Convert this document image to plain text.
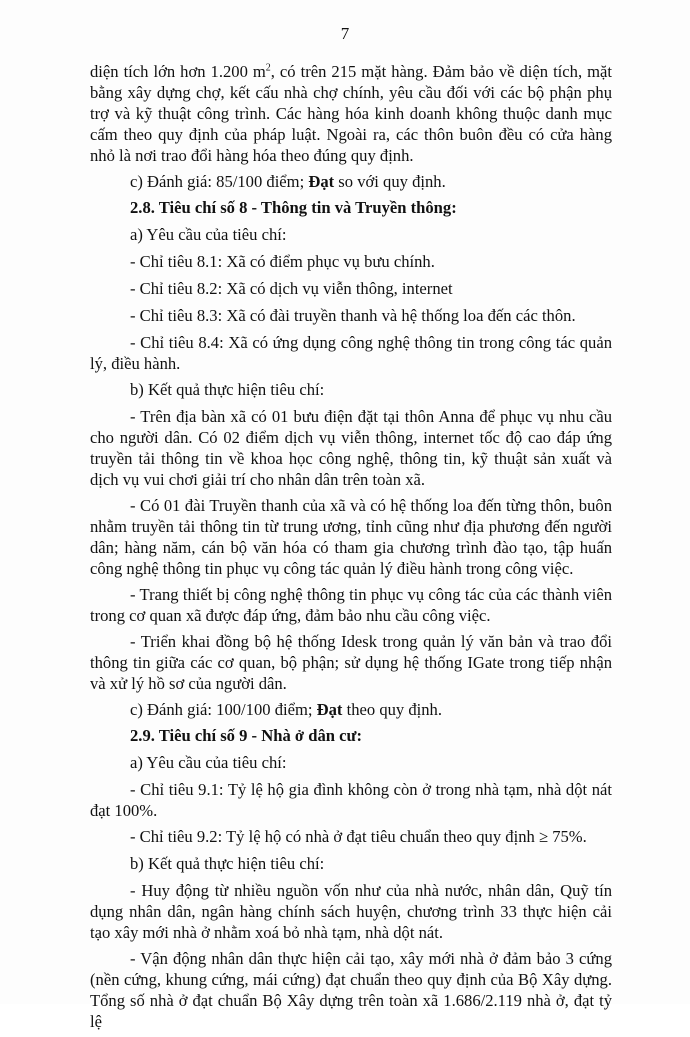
7

diện tích lớn hơn 1.200 $m^2$, có trên 215 mặt hàng. Đảm bảo về diện tích, mặt bằng xây dựng chợ, kết cấu nhà chợ chính, yêu cầu đối với các bộ phận phụ trợ và kỹ thuật công trình. Các hàng hóa kinh doanh không thuộc danh mục cấm theo quy định của pháp luật. Ngoài ra, các thôn buôn đều có cửa hàng nhỏ là nơi trao đổi hàng hóa theo đúng quy định.

c) Đánh giá: 85/100 điểm; Đạt so với quy định.

2.8. Tiêu chí số 8 - Thông tin và Truyền thông:

a) Yêu cầu của tiêu chí:

- Chỉ tiêu 8.1: Xã có điểm phục vụ bưu chính.

- Chỉ tiêu 8.2: Xã có dịch vụ viễn thông, internet

- Chỉ tiêu 8.3: Xã có đài truyền thanh và hệ thống loa đến các thôn.

- Chỉ tiêu 8.4: Xã có ứng dụng công nghệ thông tin trong công tác quản lý, điều hành.

b) Kết quả thực hiện tiêu chí:

- Trên địa bàn xã có 01 bưu điện đặt tại thôn Anna để phục vụ nhu cầu cho người dân. Có 02 điểm dịch vụ viễn thông, internet tốc độ cao đáp ứng truyền tải thông tin về khoa học công nghệ, thông tin, kỹ thuật sản xuất và dịch vụ vui chơi giải trí cho nhân dân trên toàn xã.

- Có 01 đài Truyền thanh của xã và có hệ thống loa đến từng thôn, buôn nhằm truyền tải thông tin từ trung ương, tỉnh cũng như địa phương đến người dân; hàng năm, cán bộ văn hóa có tham gia chương trình đào tạo, tập huấn công nghệ thông tin phục vụ công tác quản lý điều hành trong công việc.

- Trang thiết bị công nghệ thông tin phục vụ công tác của các thành viên trong cơ quan xã được đáp ứng, đảm bảo nhu cầu công việc.

- Triển khai đồng bộ hệ thống Idesk trong quản lý văn bản và trao đổi thông tin giữa các cơ quan, bộ phận; sử dụng hệ thống IGate trong tiếp nhận và xử lý hồ sơ của người dân.

c) Đánh giá: 100/100 điểm; Đạt theo quy định.

2.9. Tiêu chí số 9 - Nhà ở dân cư:

a) Yêu cầu của tiêu chí:

- Chỉ tiêu 9.1: Tỷ lệ hộ gia đình không còn ở trong nhà tạm, nhà dột nát đạt 100%.

- Chỉ tiêu 9.2: Tỷ lệ hộ có nhà ở đạt tiêu chuẩn theo quy định ≥ 75%.

b) Kết quả thực hiện tiêu chí:

- Huy động từ nhiều nguồn vốn như của nhà nước, nhân dân, Quỹ tín dụng nhân dân, ngân hàng chính sách huyện, chương trình 33 thực hiện cải tạo xây mới nhà ở nhằm xoá bỏ nhà tạm, nhà dột nát.

- Vận động nhân dân thực hiện cải tạo, xây mới nhà ở đảm bảo 3 cứng (nền cứng, khung cứng, mái cứng) đạt chuẩn theo quy định của Bộ Xây dựng. Tổng số nhà ở đạt chuẩn Bộ Xây dựng trên toàn xã 1.686/2.119 nhà ở, đạt tỷ lệ
